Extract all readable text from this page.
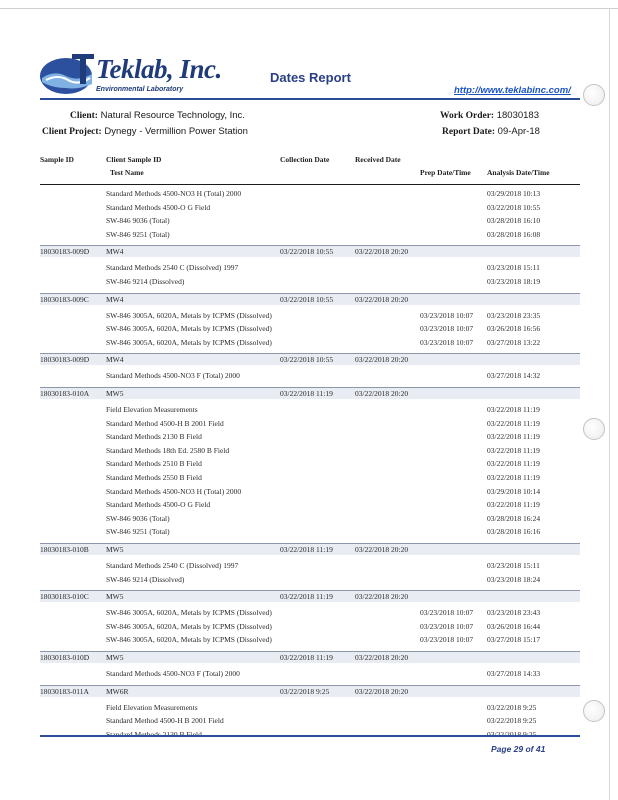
Teklab, Inc.
Environmental Laboratory
Dates Report
http://www.teklabinc.com/
Client: Natural Resource Technology, Inc.
Client Project: Dynegy - Vermillion Power Station
Work Order: 18030183
Report Date: 09-Apr-18
Sample ID	Client Sample ID
Test Name
Collection Date	Received Date
Prep Date/Time Analysis Date/Time
Standard Methods 4500-NO3 H (Total) 2000	03/29/2018 10:13
Standard Methods 4500-O G Field	03/22/2018 10:55
SW-846 9036 (Total)	03/28/2018 16:10
SW-846 9251 (Total)	03/28/2018 16:08
18030183-009D MW4	03/22/2018 10:55	03/22/2018 20:20
Standard Methods 2540 C (Dissolved) 1997	03/23/2018 15:11
SW-846 9214 (Dissolved)	03/23/2018 18:19
18030183-009C MW4	03/22/2018 10:55	03/22/2018 20:20
SW-846 3005A, 6020A, Metals by ICPMS (Dissolved)	03/23/2018 10:07 03/23/2018 23:35
SW-846 3005A, 6020A, Metals by ICPMS (Dissolved)	03/23/2018 10:07 03/26/2018 16:56
SW-846 3005A, 6020A, Metals by ICPMS (Dissolved)	03/23/2018 10:07 03/27/2018 13:22
18030183-009D MW4	03/22/2018 10:55	03/22/2018 20:20
Standard Methods 4500-NO3 F (Total) 2000	03/27/2018 14:32
18030183-010A MW5	03/22/2018 11:19	03/22/2018 20:20
Field Elevation Measurements	03/22/2018 11:19
Standard Method 4500-H B 2001 Field	03/22/2018 11:19
Standard Methods 2130 B Field	03/22/2018 11:19
Standard Methods 18th Ed. 2580 B Field	03/22/2018 11:19
Standard Methods 2510 B Field	03/22/2018 11:19
Standard Methods 2550 B Field	03/22/2018 11:19
Standard Methods 4500-NO3 H (Total) 2000	03/29/2018 10:14
Standard Methods 4500-O G Field	03/22/2018 11:19
SW-846 9036 (Total)	03/28/2018 16:24
SW-846 9251 (Total)	03/28/2018 16:16
18030183-010B MW5	03/22/2018 11:19	03/22/2018 20:20
Standard Methods 2540 C (Dissolved) 1997	03/23/2018 15:11
SW-846 9214 (Dissolved)	03/23/2018 18:24
18030183-010C MW5	03/22/2018 11:19	03/22/2018 20:20
SW-846 3005A, 6020A, Metals by ICPMS (Dissolved)	03/23/2018 10:07 03/23/2018 23:43
SW-846 3005A, 6020A, Metals by ICPMS (Dissolved)	03/23/2018 10:07 03/26/2018 16:44
SW-846 3005A, 6020A, Metals by ICPMS (Dissolved)	03/23/2018 10:07 03/27/2018 15:17
18030183-010D MW5	03/22/2018 11:19	03/22/2018 20:20
Standard Methods 4500-NO3 F (Total) 2000	03/27/2018 14:33
18030183-011A MW6R	03/22/2018 9:25	03/22/2018 20:20
Field Elevation Measurements	03/22/2018 9:25
Standard Method 4500-H B 2001 Field	03/22/2018 9:25
Page 29 of 41
